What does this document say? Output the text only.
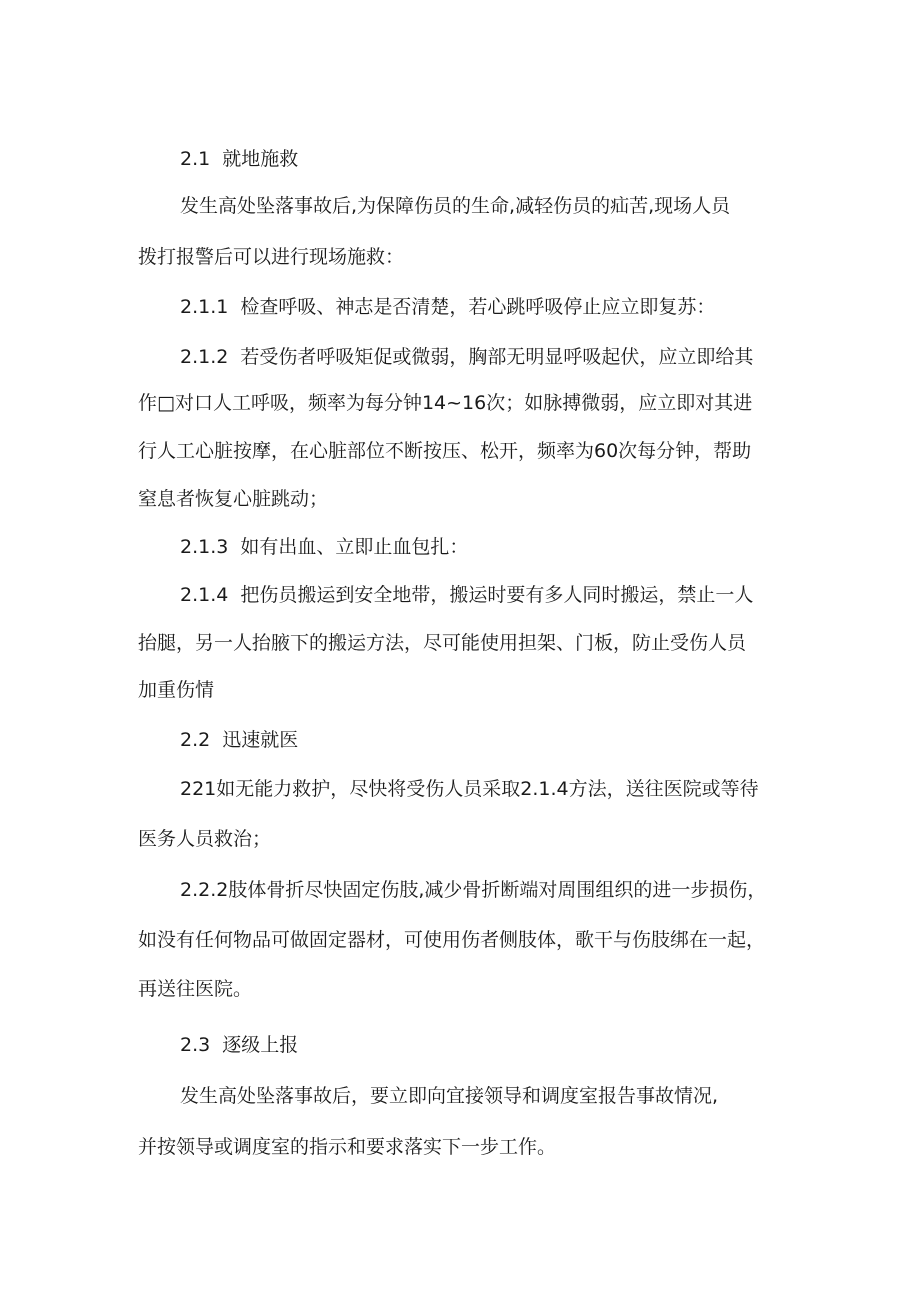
2.1 就地施救
发生高处坠落事故后,为保障伤员的生命,减轻伤员的疝苦,现场人员
拨打报警后可以进行现场施救：
2.1.1 检查呼吸、神志是否清楚，若心跳呼吸停止应立即复苏：
2.1.2 若受伤者呼吸矩促或微弱，胸部无明显呼吸起伏，应立即给其
作□对口人工呼吸，频率为每分钟14~16次；如脉搏微弱，应立即对其进
行人工心脏按摩，在心脏部位不断按压、松开，频率为60次每分钟，帮助
窒息者恢复心脏跳动；
2.1.3 如有出血、立即止血包扎：
2.1.4 把伤员搬运到安全地带，搬运时要有多人同时搬运，禁止一人
抬腿，另一人抬腋下的搬运方法，尽可能使用担架、门板，防止受伤人员
加重伤情
2.2 迅速就医
221如无能力救护，尽快将受伤人员采取2.1.4方法，送往医院或等待
医务人员救治；
2.2.2肢体骨折尽快固定伤肢,减少骨折断端对周围组织的进一步损伤，
如没有任何物品可做固定器材，可使用伤者侧肢体，歌干与伤肢绑在一起，
再送往医院。
2.3 逐级上报
发生高处坠落事故后，要立即向宜接领导和调度室报告事故情况,
并按领导或调度室的指示和要求落实下一步工作。
